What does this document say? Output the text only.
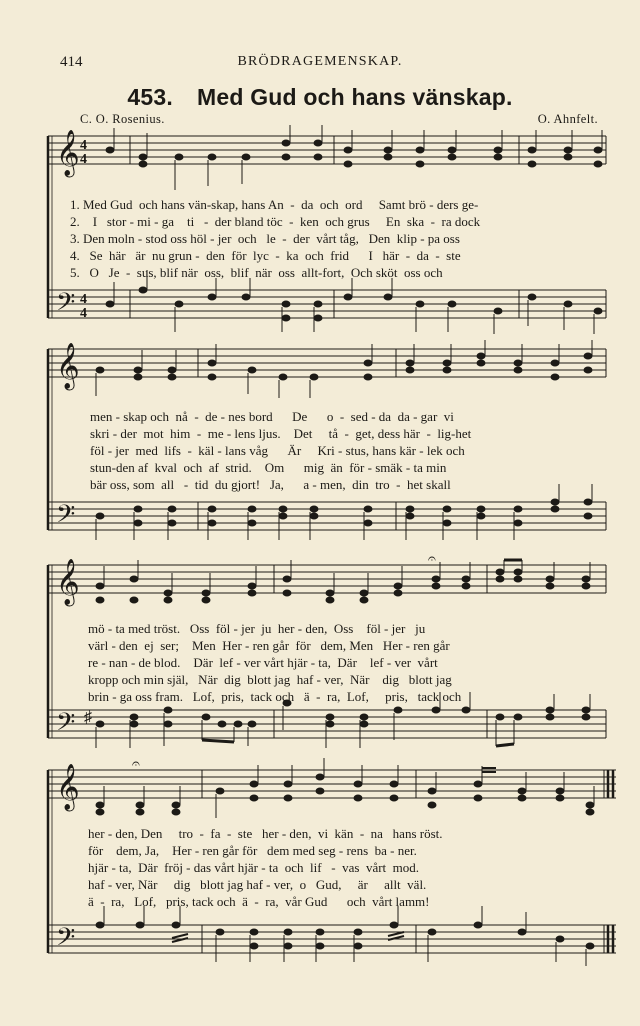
414	BRÖDRAGEMENSKAP.
453. Med Gud och hans vänskap.
C. O. Rosenius.	O. Ahnfelt.
𝄞 4
4
𝄢 4
4
𝄞
𝄢
𝄞
𝄢 ♯
𝄐
𝄞
𝄢
𝄐
1. Med Gud  och hans vän-skap, hans An  -  da  och  ord     Samt brö - ders ge-
2.    I   stor - mi - ga    ti   -  der bland töc  -  ken  och grus     En  ska  -  ra dock
3. Den moln - stod oss höl - jer  och   le  -  der  vårt tåg,   Den  klip - pa oss
4.   Se  här   är  nu grun -  den  för  lyc  -  ka  och  frid      I   här  -  da  -  ste
5.   O   Je  -  sus, blif när  oss,  blif  när  oss  allt-fort,  Och sköt  oss och
men - skap och  nå  -  de - nes bord      De      o  -  sed - da  da - gar  vi
skri - der  mot  him  -  me - lens ljus.    Det     tå  -  get, dess här  -  lig-het
föl - jer  med  lifs  -  käl - lans våg      Är     Kri - stus, hans kär - lek och
stun-den af  kval  och  af  strid.    Om      mig  än  för - smäk - ta min
bär oss, som  all   -  tid  du gjort!   Ja,      a - men,  din  tro  -  het skall
mö - ta med tröst.   Oss  föl - jer  ju  her - den,  Oss    föl - jer   ju
värl - den  ej  ser;    Men  Her - ren går  för   dem, Men   Her - ren går
re - nan - de blod.    Där  lef - ver vårt hjär - ta,  Där    lef - ver  vårt
kropp och min själ,   När  dig  blott jag  haf - ver,  När    dig   blott jag
brin - ga oss fram.   Lof,  pris,  tack och   ä  -  ra,  Lof,     pris,   tack och
her - den, Den     tro  -  fa  -  ste   her - den,  vi  kän  -  na   hans röst.
för    dem, Ja,    Her - ren går för   dem med seg - rens  ba - ner.
hjär - ta,  Där  fröj - das vårt hjär - ta  och  lif   -  vas  vårt  mod.
haf - ver, När     dig   blott jag haf - ver,  o   Gud,     är     allt  väl.
ä  -  ra,   Lof,   pris, tack och  ä  -  ra,  vår Gud      och  vårt lamm!
